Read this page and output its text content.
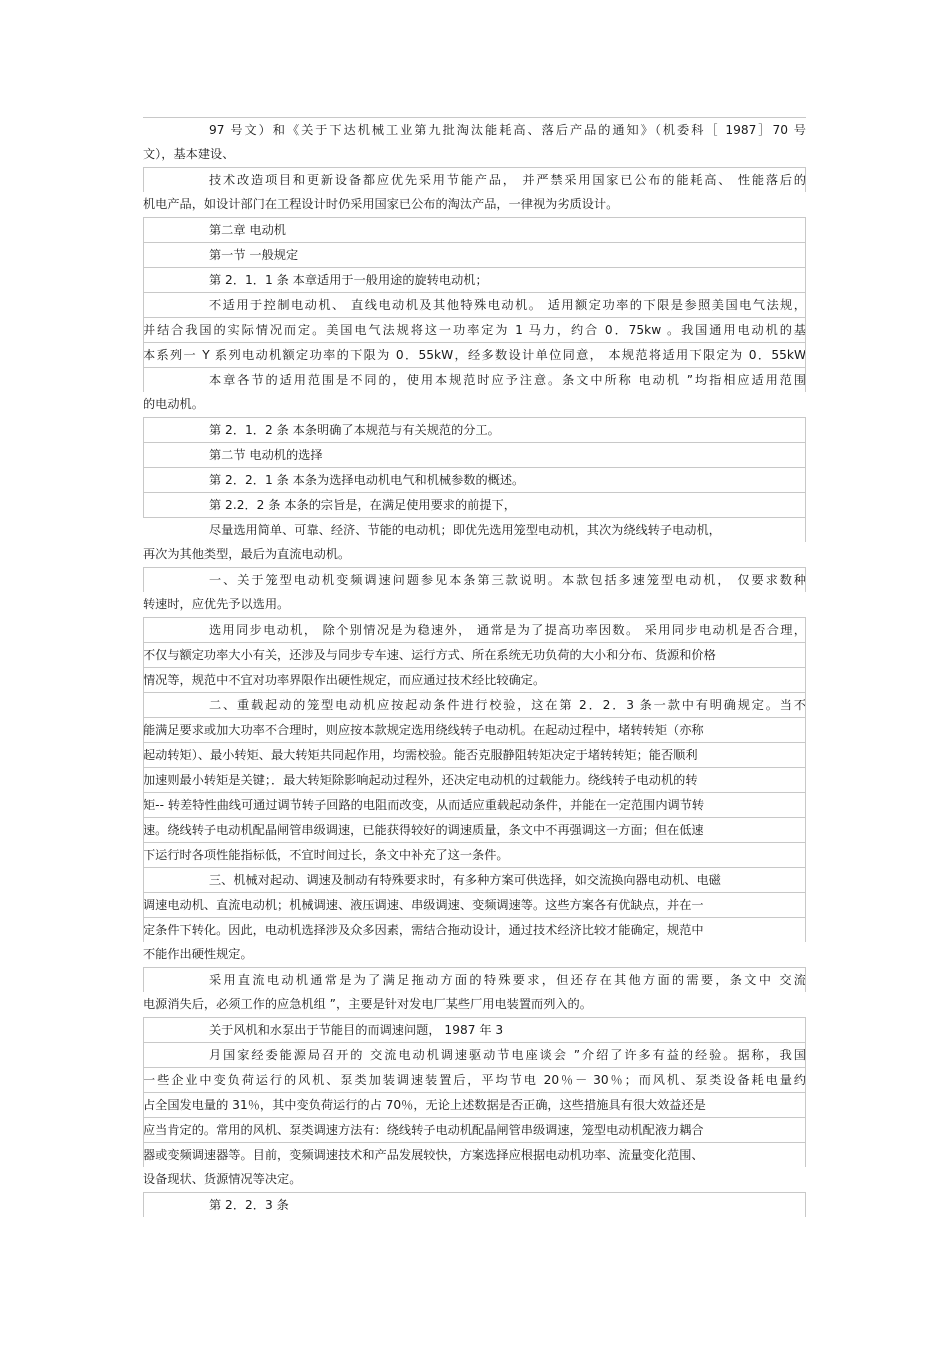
97 号文）和《关于下达机械工业第九批淘汰能耗高、落后产品的通知》（机委科［ 1987］70 号
文），基本建设、
技术改造项目和更新设备都应优先采用节能产品， 并严禁采用国家已公布的能耗高、 性能落后的
机电产品，如设计部门在工程设计时仍采用国家已公布的淘汰产品，一律视为劣质设计。
第二章 电动机
第一节 一般规定
第 2．1．1 条 本章适用于一般用途的旋转电动机；
不适用于控制电动机、 直线电动机及其他特殊电动机。 适用额定功率的下限是参照美国电气法规，
并结合我国的实际情况而定。美国电气法规将这一功率定为 1 马力，约合 0．75kw 。我国通用电动机的基
本系列一 Y 系列电动机额定功率的下限为 0．55kW，经多数设计单位同意， 本规范将适用下限定为 0．55kW
本章各节的适用范围是不同的，使用本规范时应予注意。条文中所称 电动机 ”均指相应适用范围
的电动机。
第 2．1．2 条 本条明确了本规范与有关规范的分工。
第二节 电动机的选择
第 2．2．1 条 本条为选择电动机电气和机械参数的概述。
第 2.2．2 条 本条的宗旨是，在满足使用要求的前提下，
尽量选用简单、可靠、经济、节能的电动机；即优先选用笼型电动机，其次为绕线转子电动机，
再次为其他类型，最后为直流电动机。
一、关于笼型电动机变频调速问题参见本条第三款说明。本款包括多速笼型电动机， 仅要求数种
转速时，应优先予以选用。
选用同步电动机， 除个别情况是为稳速外， 通常是为了提高功率因数。 采用同步电动机是否合理，
不仅与额定功率大小有关，还涉及与同步专车速、运行方式、所在系统无功负荷的大小和分布、货源和价格
情况等，规范中不宜对功率界限作出硬性规定，而应通过技术经比较确定。
二、重载起动的笼型电动机应按起动条件进行校验，这在第 2．2．3 条一款中有明确规定。当不
能满足要求或加大功率不合理时，则应按本款规定选用绕线转子电动机。在起动过程中，堵转转矩（亦称
起动转矩）、最小转矩、最大转矩共同起作用，均需校验。能否克服静阻转矩决定于堵转转矩；能否顺利
加速则最小转矩是关键；．最大转矩除影响起动过程外，还决定电动机的过载能力。绕线转子电动机的转
矩-- 转差特性曲线可通过调节转子回路的电阻而改变，从而适应重载起动条件，并能在一定范围内调节转
速。绕线转子电动机配晶闸管串级调速，已能获得较好的调速质量，条文中不再强调这一方面；但在低速
下运行时各项性能指标低，不宜时间过长，条文中补充了这一条件。
三、机械对起动、调速及制动有特殊要求时，有多种方案可供选择，如交流换向器电动机、电磁
调速电动机、直流电动机；机械调速、液压调速、串级调速、变频调速等。这些方案各有优缺点，并在一
定条件下转化。因此，电动机选择涉及众多因素，需结合拖动设计，通过技术经济比较才能确定，规范中
不能作出硬性规定。
采用直流电动机通常是为了满足拖动方面的特殊要求，但还存在其他方面的需要，条文中 交流
电源消失后，必须工作的应急机组 ”，主要是针对发电厂某些厂用电装置而列入的。
关于风机和水泵出于节能目的而调速问题， 1987 年 3
月国家经委能源局召开的 交流电动机调速驱动节电座谈会 ”介绍了许多有益的经验。据称，我国
一些企业中变负荷运行的风机、泵类加装调速装置后，平均节电 20％－ 30％；而风机、泵类设备耗电量约
占全国发电量的 31％，其中变负荷运行的占 70％，无论上述数据是否正确，这些措施具有很大效益还是
应当肯定的。常用的风机、泵类调速方法有：绕线转子电动机配晶闸管串级调速，笼型电动机配液力耦合
器或变频调速器等。目前，变频调速技术和产品发展较快，方案选择应根据电动机功率、流量变化范围、
设备现状、货源情况等决定。
第 2．2．3 条
